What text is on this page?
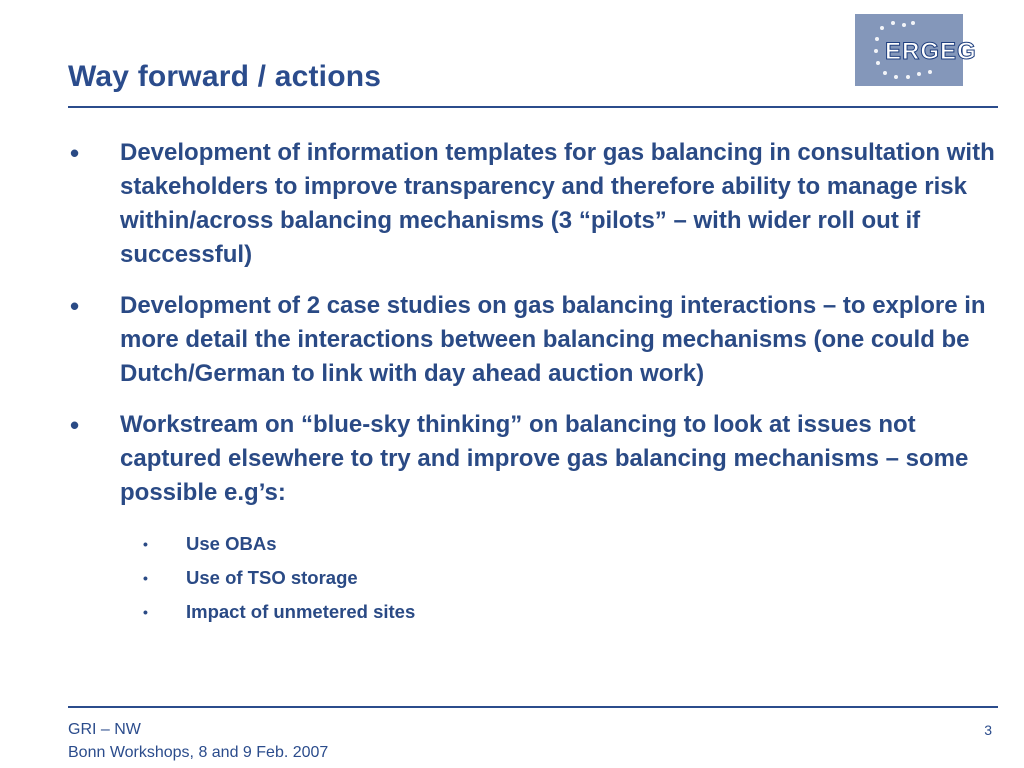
Way forward / actions
ERGEG
• Development of information templates for gas balancing in consultation with stakeholders to improve transparency and therefore ability to manage risk within/across balancing mechanisms (3 “pilots” – with wider roll out if successful)
• Development of 2 case studies on gas balancing interactions – to explore in more detail the interactions between balancing mechanisms (one could be Dutch/German to link with day ahead auction work)
• Workstream on “blue-sky thinking” on balancing to look at issues not captured elsewhere to try and improve gas balancing mechanisms – some possible e.g’s:
• Use OBAs
• Use of TSO storage
• Impact of unmetered sites
GRI – NW
Bonn Workshops, 8 and 9 Feb. 2007
3
